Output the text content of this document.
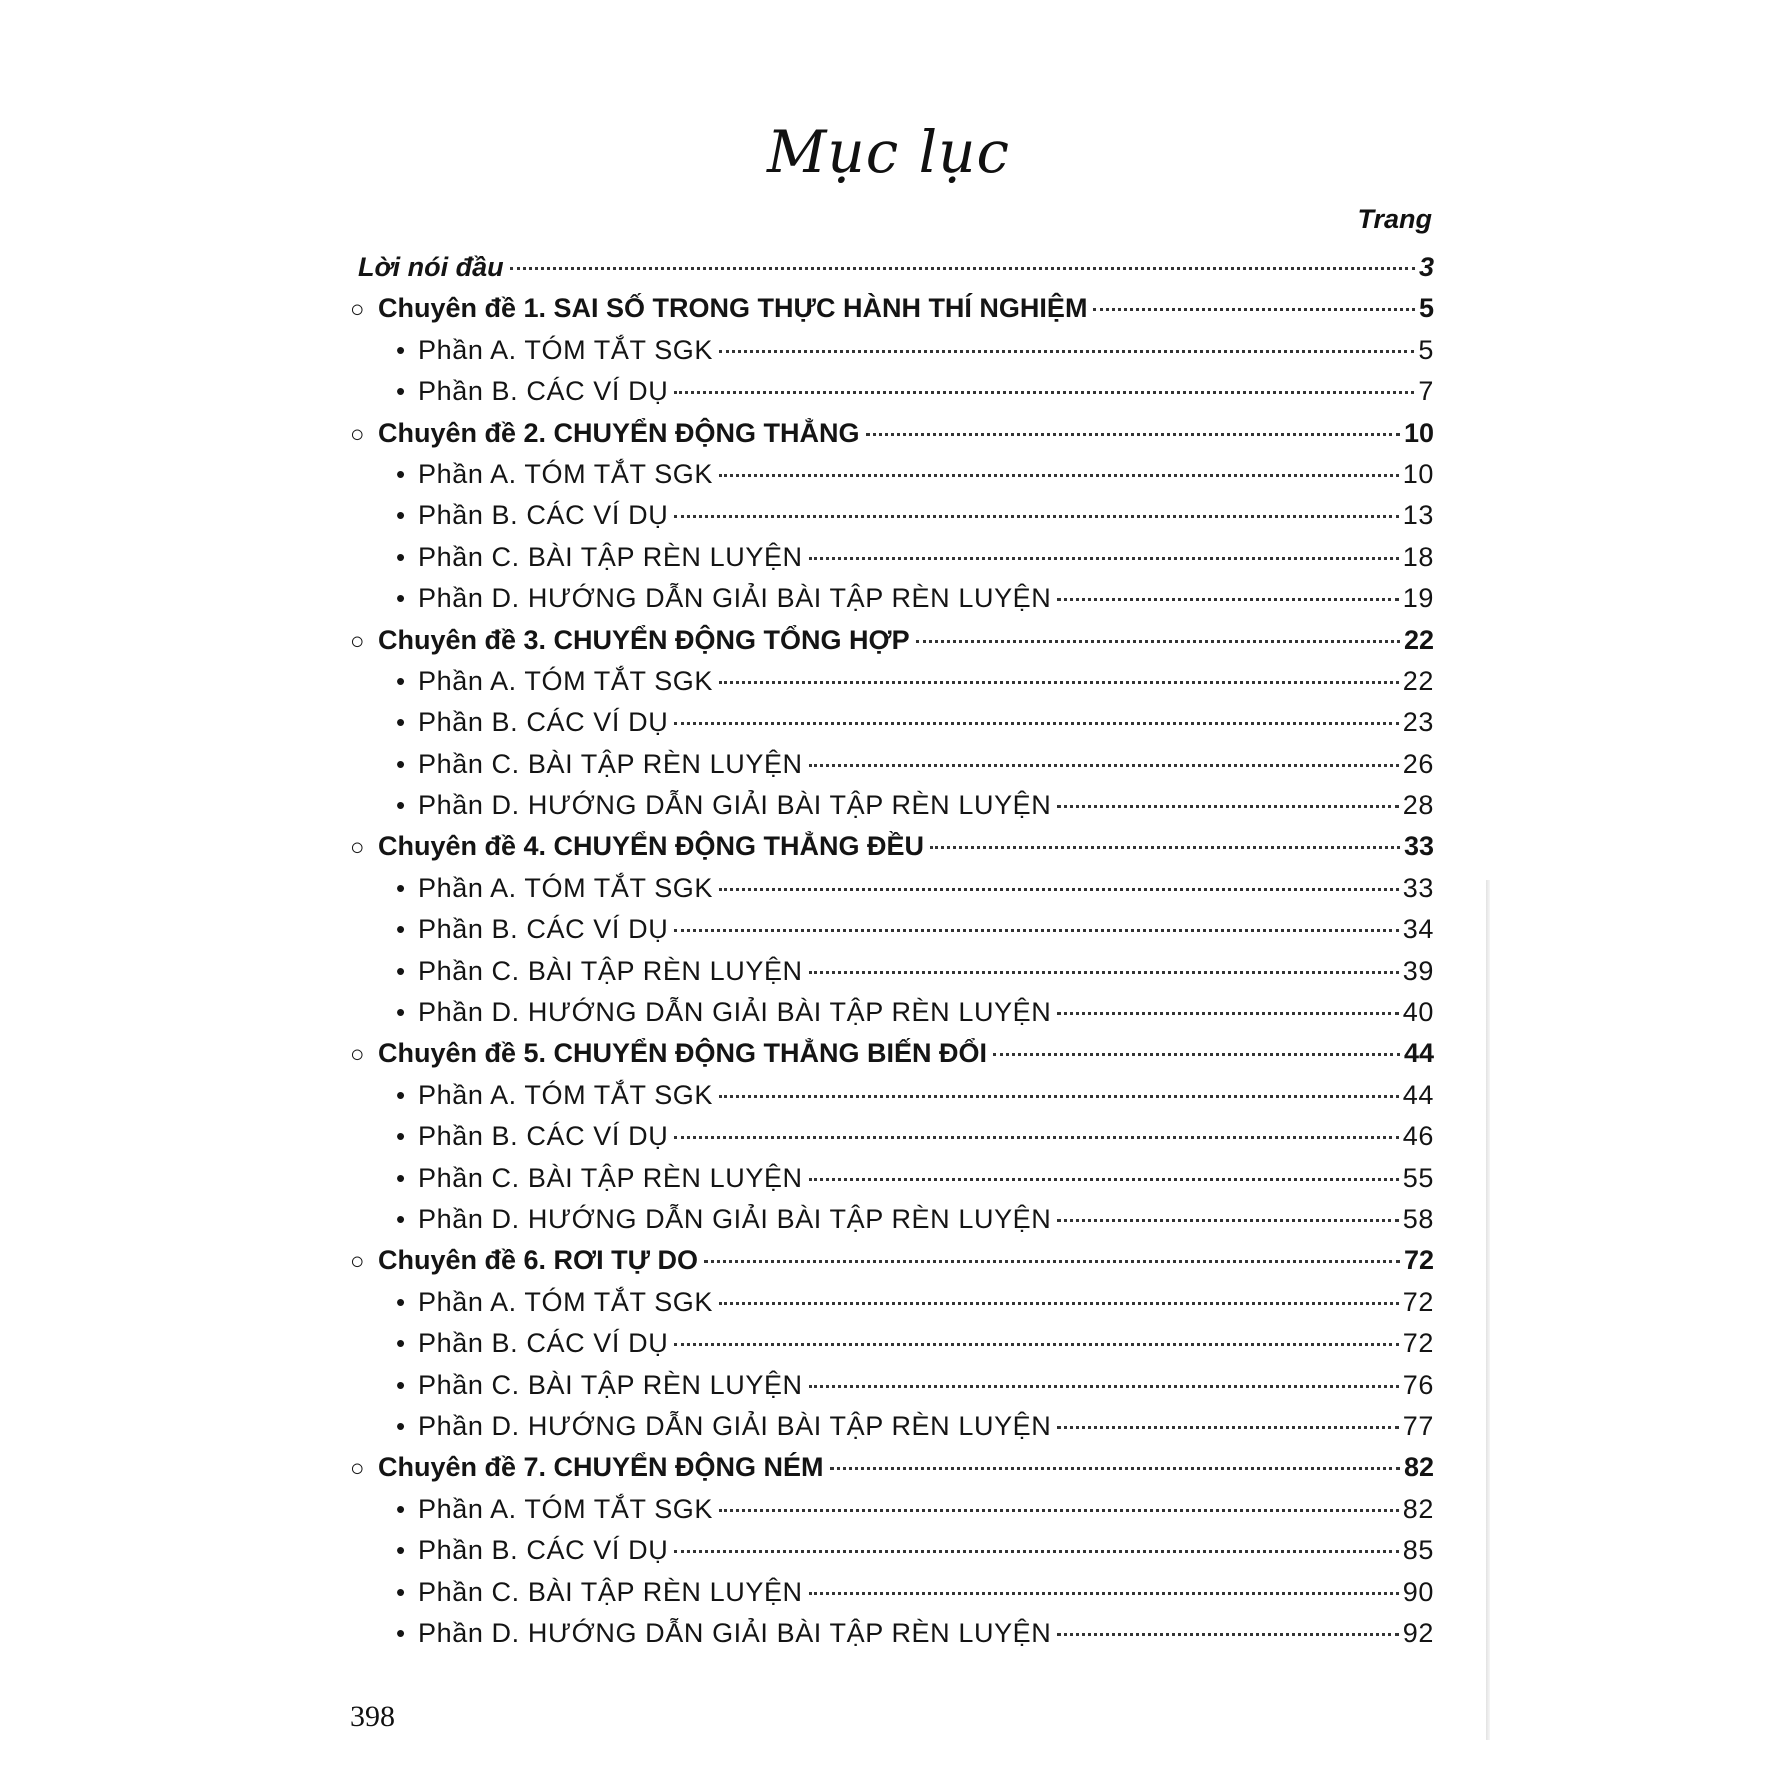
Mục lục
Trang
Lời nói đầu	3
○ Chuyên đề 1. SAI SỐ TRONG THỰC HÀNH THÍ NGHIỆM	5
• Phần A. TÓM TẮT SGK	5
• Phần B. CÁC VÍ DỤ	7
○ Chuyên đề 2. CHUYỂN ĐỘNG THẲNG	10
• Phần A. TÓM TẮT SGK	10
• Phần B. CÁC VÍ DỤ	13
• Phần C. BÀI TẬP RÈN LUYỆN	18
• Phần D. HƯỚNG DẪN GIẢI BÀI TẬP RÈN LUYỆN	19
○ Chuyên đề 3. CHUYỂN ĐỘNG TỔNG HỢP	22
• Phần A. TÓM TẮT SGK	22
• Phần B. CÁC VÍ DỤ	23
• Phần C. BÀI TẬP RÈN LUYỆN	26
• Phần D. HƯỚNG DẪN GIẢI BÀI TẬP RÈN LUYỆN	28
○ Chuyên đề 4. CHUYỂN ĐỘNG THẲNG ĐỀU	33
• Phần A. TÓM TẮT SGK	33
• Phần B. CÁC VÍ DỤ	34
• Phần C. BÀI TẬP RÈN LUYỆN	39
• Phần D. HƯỚNG DẪN GIẢI BÀI TẬP RÈN LUYỆN	40
○ Chuyên đề 5. CHUYỂN ĐỘNG THẲNG BIẾN ĐỔI	44
• Phần A. TÓM TẮT SGK	44
• Phần B. CÁC VÍ DỤ	46
• Phần C. BÀI TẬP RÈN LUYỆN	55
• Phần D. HƯỚNG DẪN GIẢI BÀI TẬP RÈN LUYỆN	58
○ Chuyên đề 6. RƠI TỰ DO	72
• Phần A. TÓM TẮT SGK	72
• Phần B. CÁC VÍ DỤ	72
• Phần C. BÀI TẬP RÈN LUYỆN	76
• Phần D. HƯỚNG DẪN GIẢI BÀI TẬP RÈN LUYỆN	77
○ Chuyên đề 7. CHUYỂN ĐỘNG NÉM	82
• Phần A. TÓM TẮT SGK	82
• Phần B. CÁC VÍ DỤ	85
• Phần C. BÀI TẬP RÈN LUYỆN	90
• Phần D. HƯỚNG DẪN GIẢI BÀI TẬP RÈN LUYỆN	92
398
